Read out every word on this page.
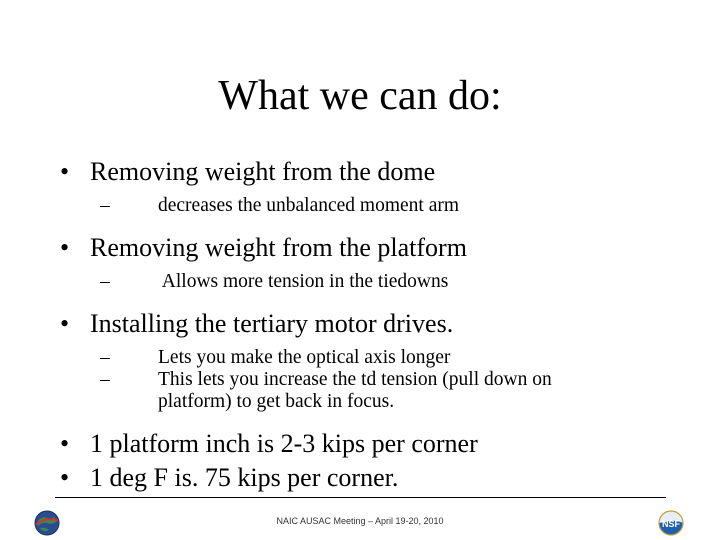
What we can do:
• Removing weight from the dome
– decreases the unbalanced moment arm
• Removing weight from the platform
– Allows more tension in the tiedowns
• Installing the tertiary motor drives.
– Lets you make the optical axis longer
– This lets you increase the td tension (pull down on platform) to get back in focus.
• 1 platform inch is 2-3 kips per corner
• 1 deg F is. 75 kips per corner.
NAIC AUSAC Meeting – April 19-20, 2010	NSF
